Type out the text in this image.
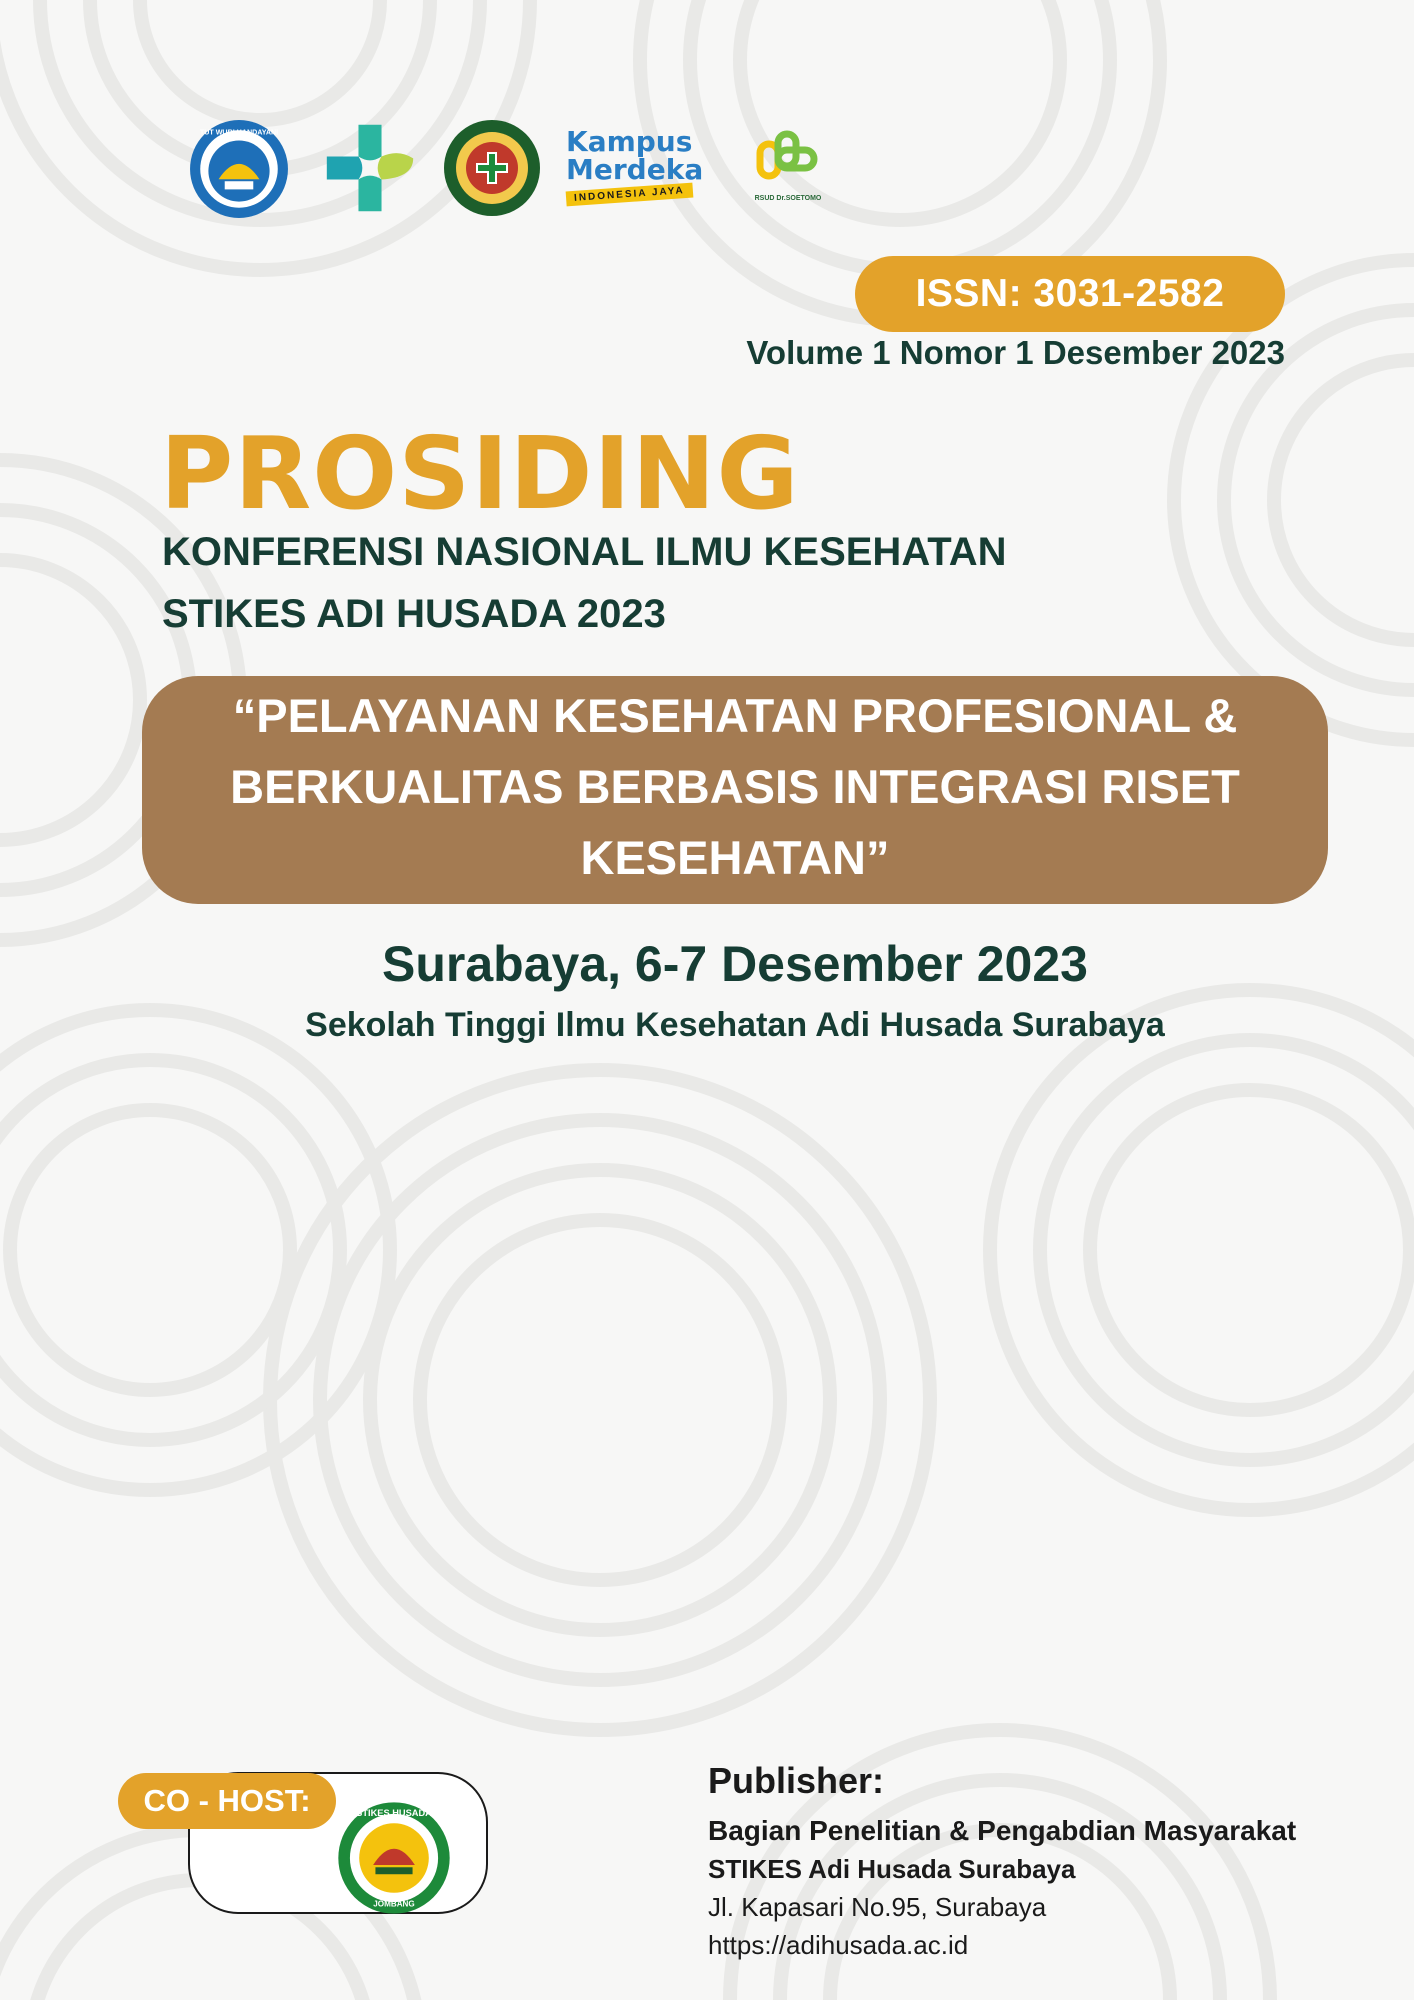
TUT WURI HANDAYANI	Kampus
Merdeka
INDONESIA JAYA	RSUD Dr.SOETOMO
ISSN: 3031-2582
Volume 1 Nomor 1 Desember 2023
PROSIDING
KONFERENSI NASIONAL ILMU KESEHATAN
STIKES ADI HUSADA 2023
“PELAYANAN KESEHATAN PROFESIONAL &
BERKUALITAS BERBASIS INTEGRASI RISET
KESEHATAN”
Surabaya, 6-7 Desember 2023
Sekolah Tinggi Ilmu Kesehatan Adi Husada Surabaya
CO - HOST:	STIKES HUSADA
JOMBANG
Publisher:
Bagian Penelitian & Pengabdian Masyarakat
STIKES Adi Husada Surabaya
Jl. Kapasari No.95, Surabaya
https://adihusada.ac.id
